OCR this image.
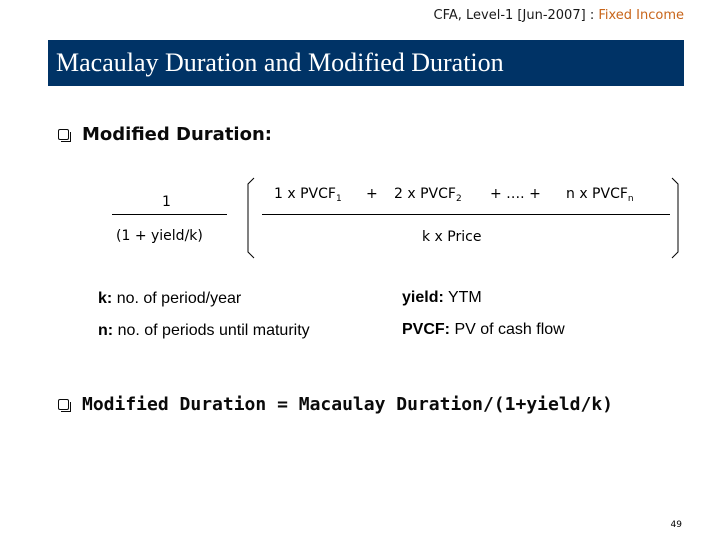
CFA, Level-1 [Jun-2007] : Fixed Income
Macaulay Duration and Modified Duration
Modified Duration:
1
(1 + yield/k)
1 x $PVCF_1 + 2$ x $PVCF_2$ + …. + n x $PVCF_n$
k x Price
k: no. of period/year
n: no. of periods until maturity
yield: YTM
PVCF: PV of cash flow
Modified Duration = Macaulay Duration/(1+yield/k)
49
